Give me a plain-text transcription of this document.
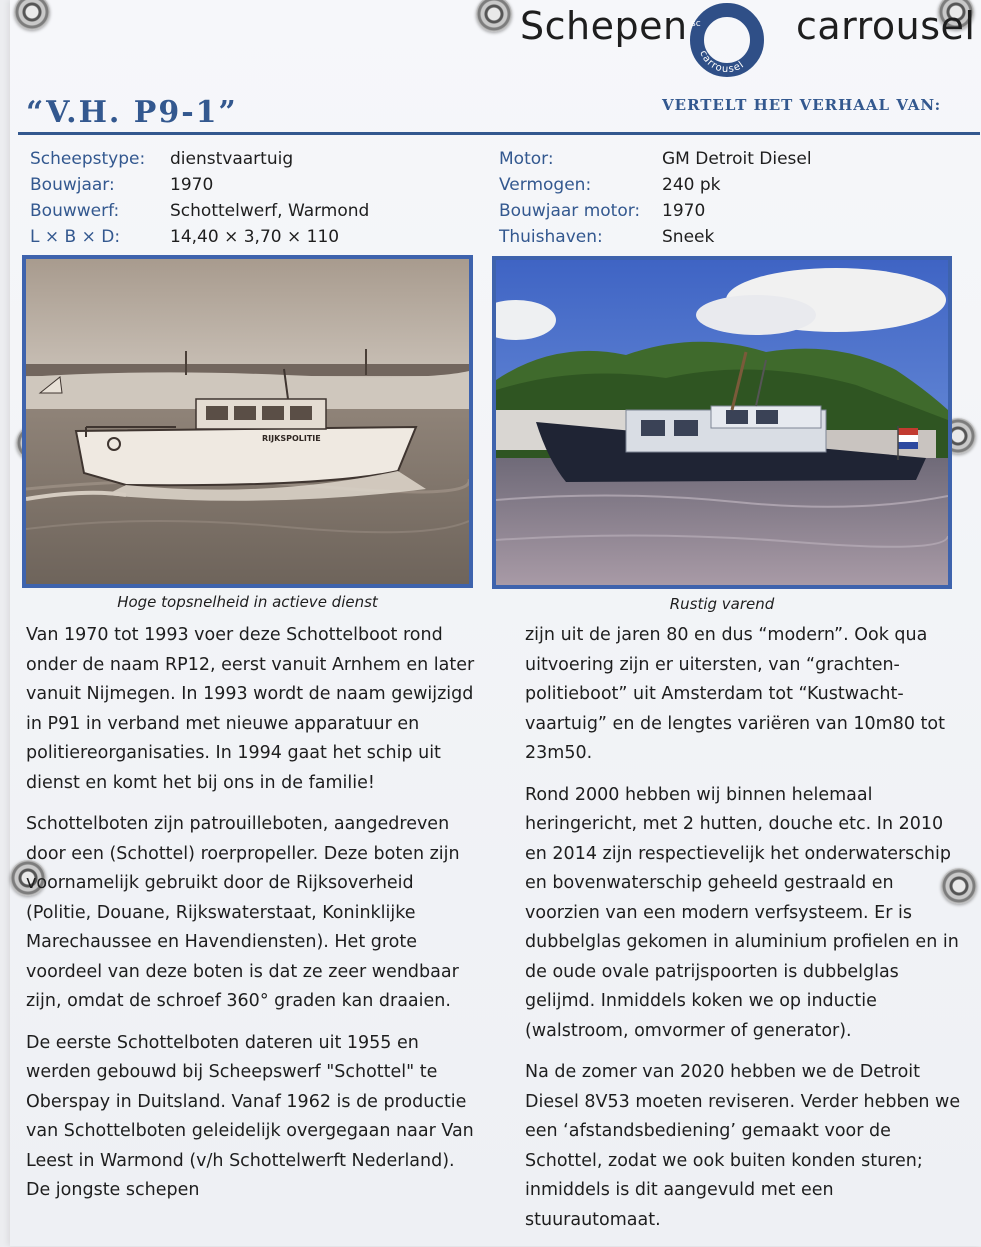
Schepen
carrousel
sc	carrousel
“V.H. P9-1”	VERTELT HET VERHAAL VAN:
Scheepstype:	dienstvaartuig
Bouwjaar:	1970
Bouwwerf:	Schottelwerf, Warmond
L × B × D:	14,40 × 3,70 × 110
Motor:	GM Detroit Diesel
Vermogen:	240 pk
Bouwjaar motor:	1970
Thuishaven:	Sneek
RIJKSPOLITIE
Hoge topsnelheid in actieve dienst	Rustig varend

Van 1970 tot 1993 voer deze Schottelboot rond onder de naam RP12, eerst vanuit Arnhem en later vanuit Nijmegen. In 1993 wordt de naam gewijzigd in P91 in verband met nieuwe apparatuur en politiereorganisaties. In 1994 gaat het schip uit dienst en komt het bij ons in de familie!

Schottelboten zijn patrouilleboten, aangedreven door een (Schottel) roerpropeller. Deze boten zijn voornamelijk gebruikt door de Rijksoverheid (Politie, Douane, Rijkswaterstaat, Koninklijke Marechaussee en Havendiensten). Het grote voordeel van deze boten is dat ze zeer wendbaar zijn, omdat de schroef 360° graden kan draaien.

De eerste Schottelboten dateren uit 1955 en werden gebouwd bij Scheepswerf "Schottel" te Oberspay in Duitsland. Vanaf 1962 is de productie van Schottelboten geleidelijk overgegaan naar Van Leest in Warmond (v/h Schottelwerft Nederland). De jongste schepen

zijn uit de jaren 80 en dus “modern”. Ook qua uitvoering zijn er uitersten, van “grachten-politieboot” uit Amsterdam tot “Kustwacht-vaartuig” en de lengtes variëren van 10m80 tot 23m50.

Rond 2000 hebben wij binnen helemaal heringericht, met 2 hutten, douche etc. In 2010 en 2014 zijn respectievelijk het onderwaterschip en bovenwaterschip geheeld gestraald en voorzien van een modern verfsysteem. Er is dubbelglas gekomen in aluminium profielen en in de oude ovale patrijspoorten is dubbelglas gelijmd. Inmiddels koken we op inductie (walstroom, omvormer of generator).

Na de zomer van 2020 hebben we de Detroit Diesel 8V53 moeten reviseren. Verder hebben we een ‘afstandsbediening’ gemaakt voor de Schottel, zodat we ook buiten konden sturen; inmiddels is dit aangevuld met een stuurautomaat.
